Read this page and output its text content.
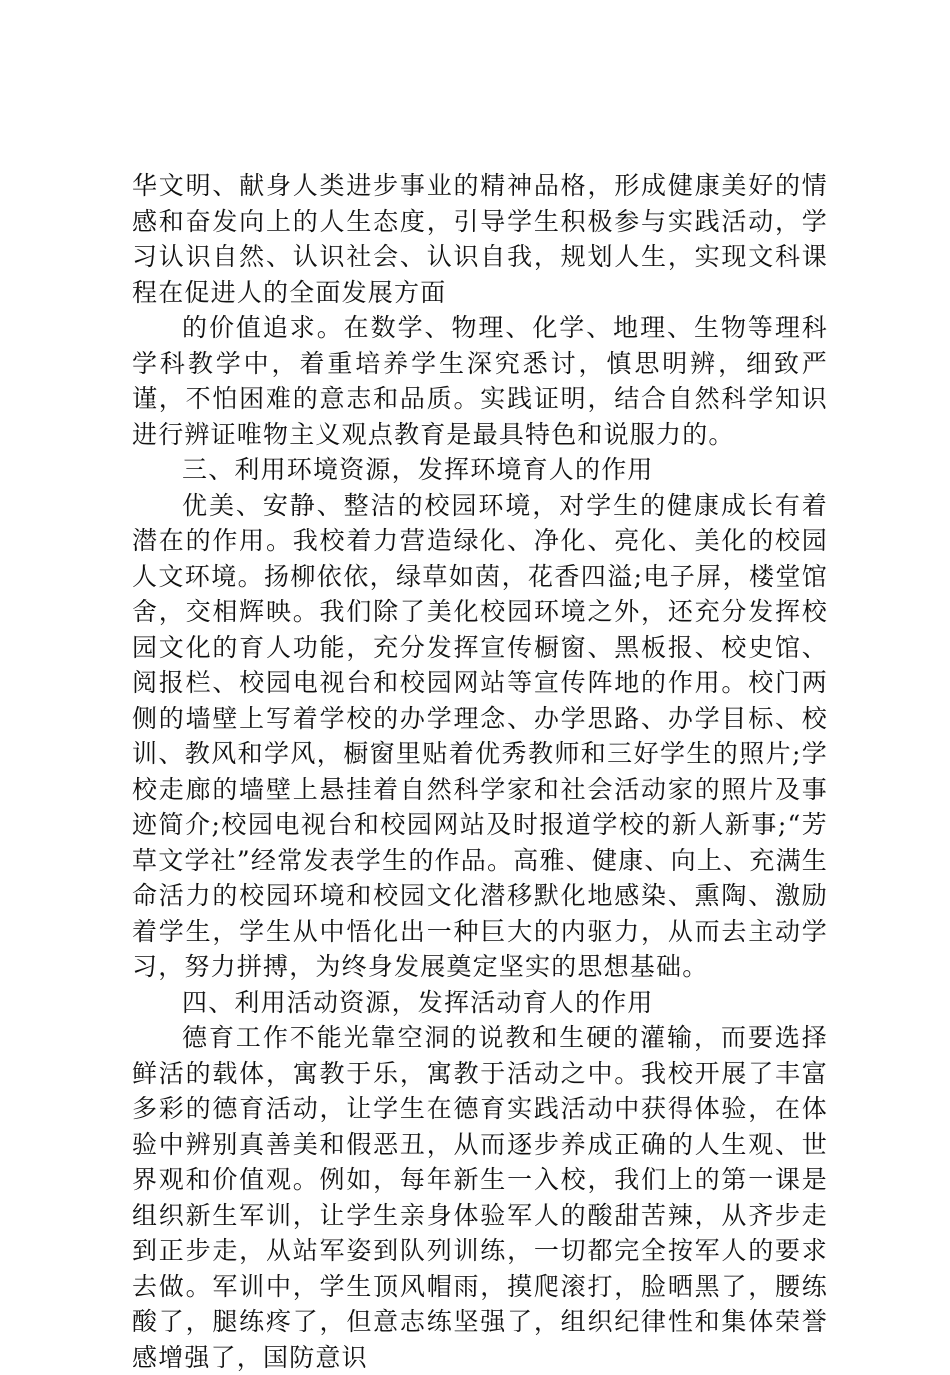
华文明、献身人类进步事业的精神品格，形成健康美好的情感和奋发向上的人生态度，引导学生积极参与实践活动，学习认识自然、认识社会、认识自我，规划人生，实现文科课程在促进人的全面发展方面

的价值追求。在数学、物理、化学、地理、生物等理科学科教学中，着重培养学生深究悉讨，慎思明辨，细致严谨，不怕困难的意志和品质。实践证明，结合自然科学知识进行辨证唯物主义观点教育是最具特色和说服力的。

三、利用环境资源，发挥环境育人的作用

优美、安静、整洁的校园环境，对学生的健康成长有着潜在的作用。我校着力营造绿化、净化、亮化、美化的校园人文环境。扬柳依依，绿草如茵，花香四溢;电子屏，楼堂馆舍，交相辉映。我们除了美化校园环境之外，还充分发挥校园文化的育人功能，充分发挥宣传橱窗、黑板报、校史馆、阅报栏、校园电视台和校园网站等宣传阵地的作用。校门两侧的墙壁上写着学校的办学理念、办学思路、办学目标、校训、教风和学风，橱窗里贴着优秀教师和三好学生的照片;学校走廊的墙壁上悬挂着自然科学家和社会活动家的照片及事迹简介;校园电视台和校园网站及时报道学校的新人新事;“芳草文学社”经常发表学生的作品。高雅、健康、向上、充满生命活力的校园环境和校园文化潜移默化地感染、熏陶、激励着学生，学生从中悟化出一种巨大的内驱力，从而去主动学习，努力拼搏，为终身发展奠定坚实的思想基础。

四、利用活动资源，发挥活动育人的作用

德育工作不能光靠空洞的说教和生硬的灌输，而要选择鲜活的载体，寓教于乐，寓教于活动之中。我校开展了丰富多彩的德育活动，让学生在德育实践活动中获得体验，在体验中辨别真善美和假恶丑，从而逐步养成正确的人生观、世界观和价值观。例如，每年新生一入校，我们上的第一课是组织新生军训，让学生亲身体验军人的酸甜苦辣，从齐步走到正步走，从站军姿到队列训练，一切都完全按军人的要求去做。军训中，学生顶风帽雨，摸爬滚打，脸晒黑了，腰练酸了，腿练疼了，但意志练坚强了，组织纪律性和集体荣誉感增强了，国防意识
